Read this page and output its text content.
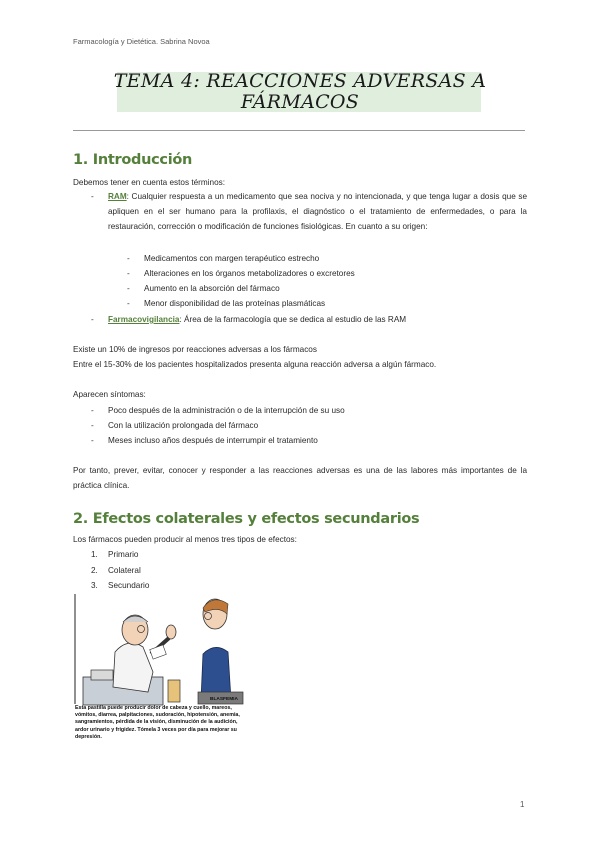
Farmacología y Dietética. Sabrina Novoa
TEMA 4: REACCIONES ADVERSAS A FÁRMACOS
1. Introducción
Debemos tener en cuenta estos términos:
- RAM: Cualquier respuesta a un medicamento que sea nociva y no intencionada, y que tenga lugar a dosis que se apliquen en el ser humano para la profilaxis, el diagnóstico o el tratamiento de enfermedades, o para la restauración, corrección o modificación de funciones fisiológicas. En cuanto a su origen:
- Medicamentos con margen terapéutico estrecho
- Alteraciones en los órganos metabolizadores o excretores
- Aumento en la absorción del fármaco
- Menor disponibilidad de las proteínas plasmáticas
- Farmacovigilancia: Área de la farmacología que se dedica al estudio de las RAM
Existe un 10% de ingresos por reacciones adversas a los fármacos
Entre el 15-30% de los pacientes hospitalizados presenta alguna reacción adversa a algún fármaco.
Aparecen síntomas:
- Poco después de la administración o de la interrupción de su uso
- Con la utilización prolongada del fármaco
- Meses incluso años después de interrumpir el tratamiento
Por tanto, prever, evitar, conocer y responder a las reacciones adversas es una de las labores más importantes de la práctica clínica.
2. Efectos colaterales y efectos secundarios
Los fármacos pueden producir al menos tres tipos de efectos:
1. Primario
2. Colateral
3. Secundario
BLASFEMIA
Esta pastilla puede producir dolor de cabeza y cuello, mareos, vómitos, diarrea, palpitaciones, sudoración, hipotensión, anemia, sangramientos, pérdida de la visión, disminución de la audición, ardor urinario y frigidez. Tómela 3 veces por día para mejorar su depresión.
1
